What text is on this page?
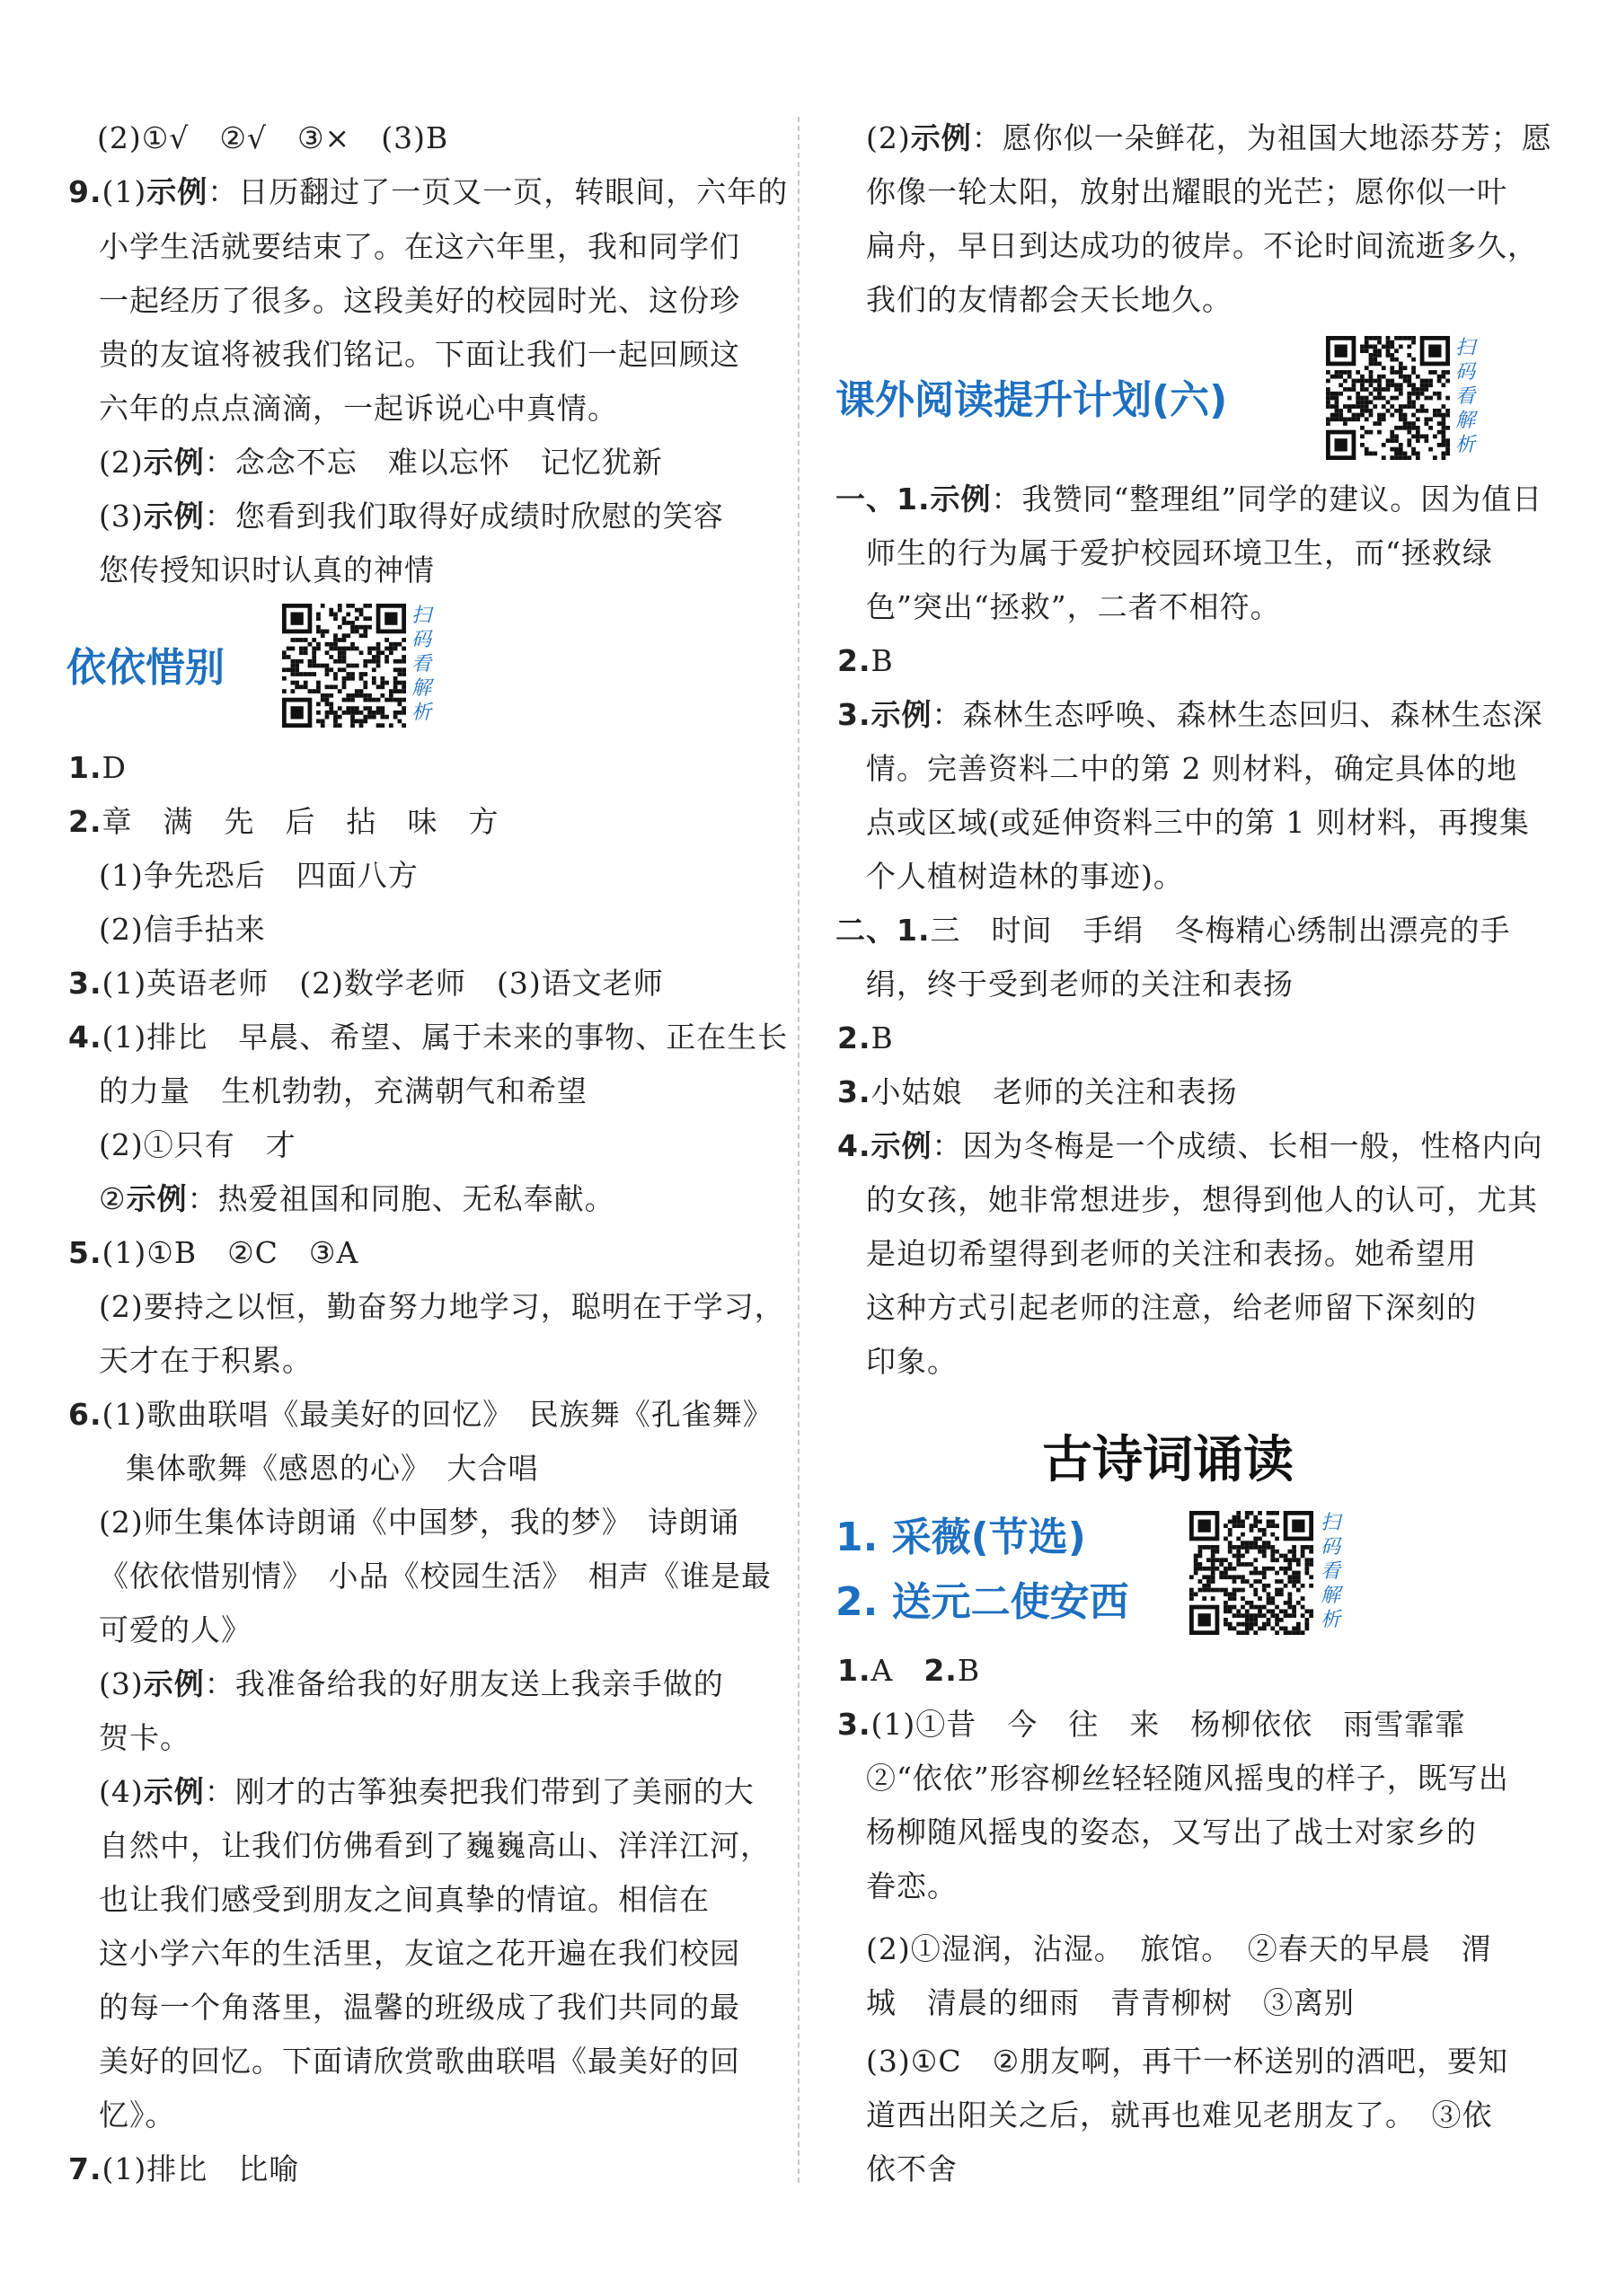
(2)①√　②√　③×　(3)B
9.(1)示例：日历翻过了一页又一页，转眼间，六年的
小学生活就要结束了。在这六年里，我和同学们
一起经历了很多。这段美好的校园时光、这份珍
贵的友谊将被我们铭记。下面让我们一起回顾这
六年的点点滴滴，一起诉说心中真情。
(2)示例：念念不忘　难以忘怀　记忆犹新
(3)示例：您看到我们取得好成绩时欣慰的笑容
您传授知识时认真的神情
依依惜别
扫
码
看
解
析
1.D
2.章　满　先　后　拈　味　方
(1)争先恐后　四面八方
(2)信手拈来
3.(1)英语老师　(2)数学老师　(3)语文老师
4.(1)排比　早晨、希望、属于未来的事物、正在生长
的力量　生机勃勃，充满朝气和希望
(2)①只有　才
②示例：热爱祖国和同胞、无私奉献。
5.(1)①B　②C　③A
(2)要持之以恒，勤奋努力地学习，聪明在于学习，
天才在于积累。
6.(1)歌曲联唱《最美好的回忆》　民族舞《孔雀舞》
集体歌舞《感恩的心》　大合唱
(2)师生集体诗朗诵《中国梦，我的梦》　诗朗诵
《依依惜别情》　小品《校园生活》　相声《谁是最
可爱的人》
(3)示例：我准备给我的好朋友送上我亲手做的
贺卡。
(4)示例：刚才的古筝独奏把我们带到了美丽的大
自然中，让我们仿佛看到了巍巍高山、洋洋江河，
也让我们感受到朋友之间真挚的情谊。相信在
这小学六年的生活里，友谊之花开遍在我们校园
的每一个角落里，温馨的班级成了我们共同的最
美好的回忆。下面请欣赏歌曲联唱《最美好的回
忆》。
7.(1)排比　比喻
(2)示例：愿你似一朵鲜花，为祖国大地添芬芳；愿
你像一轮太阳，放射出耀眼的光芒；愿你似一叶
扁舟，早日到达成功的彼岸。不论时间流逝多久，
我们的友情都会天长地久。
课外阅读提升计划(六)
扫
码
看
解
析
一、1.示例：我赞同“整理组”同学的建议。因为值日
师生的行为属于爱护校园环境卫生，而“拯救绿
色”突出“拯救”，二者不相符。
2.B
3.示例：森林生态呼唤、森林生态回归、森林生态深
情。完善资料二中的第 2 则材料，确定具体的地
点或区域(或延伸资料三中的第 1 则材料，再搜集
个人植树造林的事迹)。
二、1.三　时间　手绢　冬梅精心绣制出漂亮的手
绢，终于受到老师的关注和表扬
2.B
3.小姑娘　老师的关注和表扬
4.示例：因为冬梅是一个成绩、长相一般，性格内向
的女孩，她非常想进步，想得到他人的认可，尤其
是迫切希望得到老师的关注和表扬。她希望用
这种方式引起老师的注意，给老师留下深刻的
印象。
古诗词诵读
1. 采薇(节选)
2. 送元二使安西
扫
码
看
解
析
1.A　2.B
3.(1)①昔　今　往　来　杨柳依依　雨雪霏霏
②“依依”形容柳丝轻轻随风摇曳的样子，既写出
杨柳随风摇曳的姿态，又写出了战士对家乡的
眷恋。
(2)①湿润，沾湿。　旅馆。　②春天的早晨　渭
城　清晨的细雨　青青柳树　③离别
(3)①C　②朋友啊，再干一杯送别的酒吧，要知
道西出阳关之后，就再也难见老朋友了。　③依
依不舍
